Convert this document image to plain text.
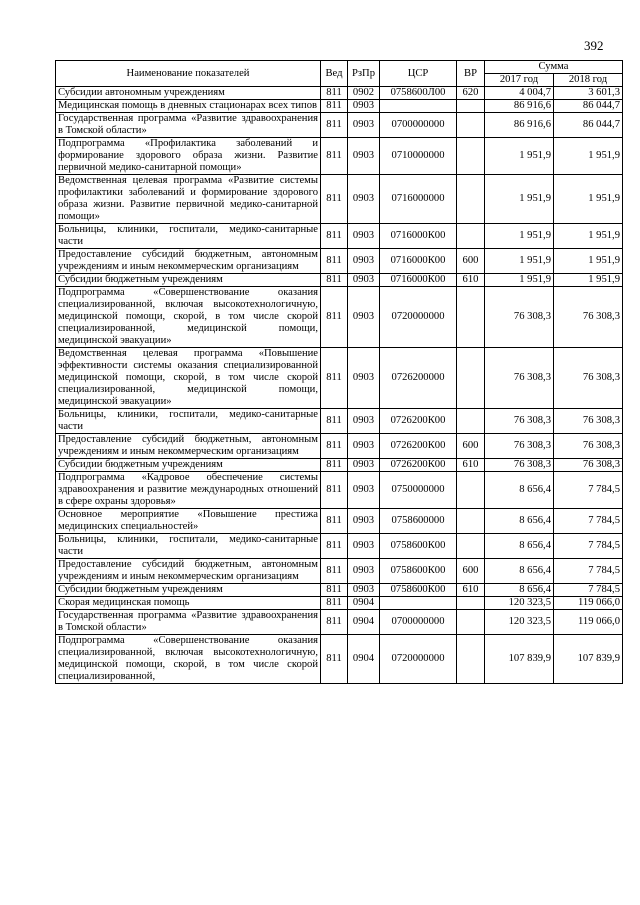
392
Наименование показателей	Вед	РзПр	ЦСР	ВР	Сумма	
					2017 год	2018 год
Субсидии автономным учреждениям	811	0902	0758600Л00	620	4 004,7	3 601,3
Медицинская помощь в дневных стационарах всех типов	811	0903			86 916,6	86 044,7
Государственная программа «Развитие здравоохранения в Томской области»	811	0903	0700000000		86 916,6	86 044,7
Подпрограмма «Профилактика заболеваний и формирование здорового образа жизни. Развитие первичной медико-санитарной помощи»	811	0903	0710000000		1 951,9	1 951,9
Ведомственная целевая программа «Развитие системы профилактики заболеваний и формирование здорового образа жизни. Развитие первичной медико-санитарной помощи»	811	0903	0716000000		1 951,9	1 951,9
Больницы, клиники, госпитали, медико-санитарные части	811	0903	0716000К00		1 951,9	1 951,9
Предоставление субсидий бюджетным, автономным учреждениям и иным некоммерческим организациям	811	0903	0716000К00	600	1 951,9	1 951,9
Субсидии бюджетным учреждениям	811	0903	0716000К00	610	1 951,9	1 951,9
Подпрограмма «Совершенствование оказания специализированной, включая высокотехнологичную, медицинской помощи, скорой, в том числе скорой специализированной, медицинской помощи, медицинской эвакуации»	811	0903	0720000000		76 308,3	76 308,3
Ведомственная целевая программа «Повышение эффективности системы оказания специализированной медицинской помощи, скорой, в том числе скорой специализированной, медицинской помощи, медицинской эвакуации»	811	0903	0726200000		76 308,3	76 308,3
Больницы, клиники, госпитали, медико-санитарные части	811	0903	0726200К00		76 308,3	76 308,3
Предоставление субсидий бюджетным, автономным учреждениям и иным некоммерческим организациям	811	0903	0726200К00	600	76 308,3	76 308,3
Субсидии бюджетным учреждениям	811	0903	0726200К00	610	76 308,3	76 308,3
Подпрограмма «Кадровое обеспечение системы здравоохранения и развитие международных отношений в сфере охраны здоровья»	811	0903	0750000000		8 656,4	7 784,5
Основное мероприятие «Повышение престижа медицинских специальностей»	811	0903	0758600000		8 656,4	7 784,5
Больницы, клиники, госпитали, медико-санитарные части	811	0903	0758600К00		8 656,4	7 784,5
Предоставление субсидий бюджетным, автономным учреждениям и иным некоммерческим организациям	811	0903	0758600К00	600	8 656,4	7 784,5
Субсидии бюджетным учреждениям	811	0903	0758600К00	610	8 656,4	7 784,5
Скорая медицинская помощь	811	0904			120 323,5	119 066,0
Государственная программа «Развитие здравоохранения в Томской области»	811	0904	0700000000		120 323,5	119 066,0
Подпрограмма «Совершенствование оказания специализированной, включая высокотехнологичную, медицинской помощи, скорой, в том числе скорой специализированной,	811	0904	0720000000		107 839,9	107 839,9
